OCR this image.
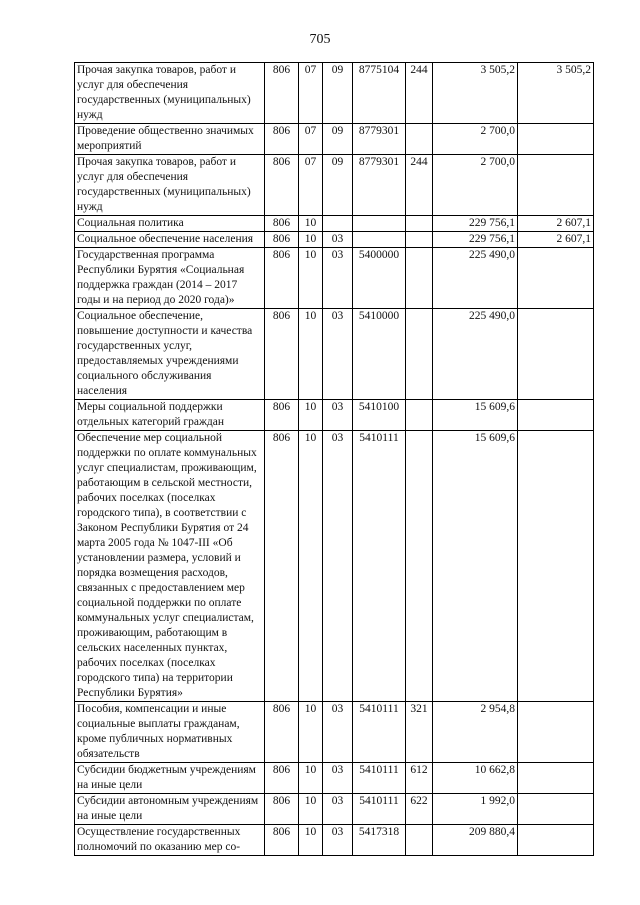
705
Прочая закупка товаров, работ и услуг для обеспечения государственных (муниципальных) нужд	806	07	09	8775104	244	3 505,2	3 505,2
Проведение общественно значимых мероприятий	806	07	09	8779301		2 700,0	
Прочая закупка товаров, работ и услуг для обеспечения государственных (муниципальных) нужд	806	07	09	8779301	244	2 700,0	
Социальная политика	806	10				229 756,1	2 607,1
Социальное обеспечение населения	806	10	03			229 756,1	2 607,1
Государственная программа Республики Бурятия «Социальная поддержка граждан (2014 – 2017 годы и на период до 2020 года)»	806	10	03	5400000		225 490,0	
Социальное обеспечение, повышение доступности и качества государственных услуг, предоставляемых учреждениями социального обслуживания населения	806	10	03	5410000		225 490,0	
Меры социальной поддержки отдельных категорий граждан	806	10	03	5410100		15 609,6	
Обеспечение мер социальной поддержки по оплате коммунальных услуг специалистам, проживающим, работающим в сельской местности, рабочих поселках (поселках городского типа), в соответствии с Законом Республики Бурятия от 24 марта 2005 года № 1047-III «Об установлении размера, условий и порядка возмещения расходов, связанных с предоставлением мер социальной поддержки по оплате коммунальных услуг специалистам, проживающим, работающим в сельских населенных пунктах, рабочих поселках (поселках городского типа) на территории Республики Бурятия»	806	10	03	5410111		15 609,6	
Пособия, компенсации и иные социальные выплаты гражданам, кроме публичных нормативных обязательств	806	10	03	5410111	321	2 954,8	
Субсидии бюджетным учреждениям на иные цели	806	10	03	5410111	612	10 662,8	
Субсидии автономным учреждениям на иные цели	806	10	03	5410111	622	1 992,0	
Осуществление государственных полномочий по оказанию мер со-	806	10	03	5417318		209 880,4	
